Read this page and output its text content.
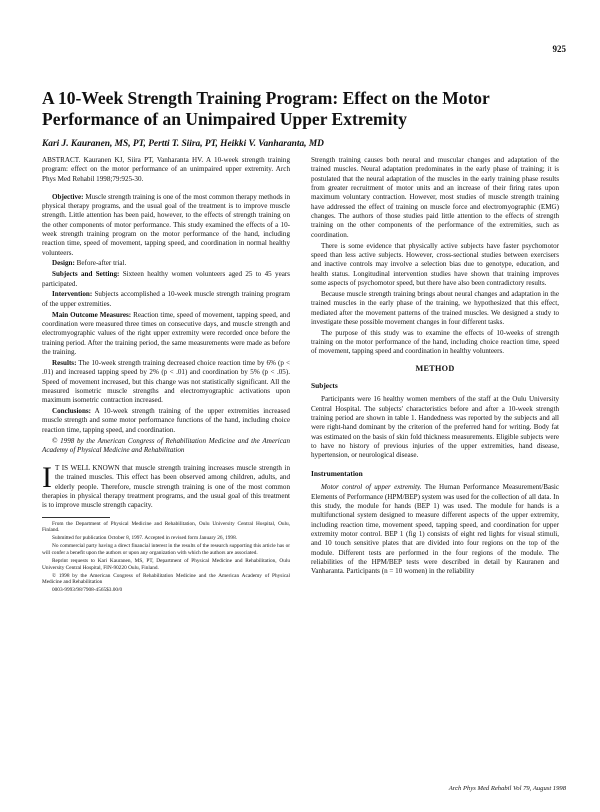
925
A 10-Week Strength Training Program: Effect on the Motor Performance of an Unimpaired Upper Extremity
Kari J. Kauranen, MS, PT, Pertti T. Siira, PT, Heikki V. Vanharanta, MD

ABSTRACT. Kauranen KJ, Siira PT, Vanharanta HV. A 10-week strength training program: effect on the motor performance of an unimpaired upper extremity. Arch Phys Med Rehabil 1998;79:925-30.

Objective: Muscle strength training is one of the most common therapy methods in physical therapy programs, and the usual goal of the treatment is to improve muscle strength. Little attention has been paid, however, to the effects of strength training on the other components of motor performance. This study examined the effects of a 10-week strength training program on the motor performance of the hand, including reaction time, speed of movement, tapping speed, and coordination in normal healthy volunteers.

Design: Before-after trial.

Subjects and Setting: Sixteen healthy women volunteers aged 25 to 45 years participated.

Intervention: Subjects accomplished a 10-week muscle strength training program of the upper extremities.

Main Outcome Measures: Reaction time, speed of movement, tapping speed, and coordination were measured three times on consecutive days, and muscle strength and electromyographic values of the right upper extremity were recorded once before the training period. After the training period, the same measurements were made as before the training.

Results: The 10-week strength training decreased choice reaction time by 6% (p < .01) and increased tapping speed by 2% (p < .01) and coordination by 5% (p < .05). Speed of movement increased, but this change was not statistically significant. All the measured isometric muscle strengths and electromyographic activations upon maximum isometric contraction increased.

Conclusions: A 10-week strength training of the upper extremities increased muscle strength and some motor performance functions of the hand, including choice reaction time, tapping speed, and coordination.

© 1998 by the American Congress of Rehabilitation Medicine and the American Academy of Physical Medicine and Rehabilitation

I T IS WELL KNOWN that muscle strength training increases muscle strength in the trained muscles. This effect has been observed among children, adults, and elderly people. Therefore, muscle strength training is one of the most common therapies in physical therapy treatment programs, and the usual goal of this treatment is to improve muscle strength capacity.

From the Department of Physical Medicine and Rehabilitation, Oulu University Central Hospital, Oulu, Finland.

Submitted for publication October 8, 1997. Accepted in revised form January 26, 1998.

No commercial party having a direct financial interest in the results of the research supporting this article has or will confer a benefit upon the authors or upon any organization with which the authors are associated.

Reprint requests to Kari Kauranen, MS, PT, Department of Physical Medicine and Rehabilitation, Oulu University Central Hospital, FIN-90220 Oulu, Finland.

© 1998 by the American Congress of Rehabilitation Medicine and the American Academy of Physical Medicine and Rehabilitation

0003-9993/98/7908-4565$3.00/0

Strength training causes both neural and muscular changes and adaptation of the trained muscles. Neural adaptation predominates in the early phase of training; it is postulated that the neural adaptation of the muscles in the early training phase results from greater recruitment of motor units and an increase of their firing rates upon maximum voluntary contraction. However, most studies of muscle strength training have addressed the effect of training on muscle force and electromyographic (EMG) changes. The authors of those studies paid little attention to the effects of strength training on the other components of the performance of the extremities, such as coordination.

There is some evidence that physically active subjects have faster psychomotor speed than less active subjects. However, cross-sectional studies between exercisers and inactive controls may involve a selection bias due to genotype, education, and health status. Longitudinal intervention studies have shown that training improves some aspects of psychomotor speed, but there have also been contradictory results.

Because muscle strength training brings about neural changes and adaptation in the trained muscles in the early phase of the training, we hypothesized that this effect, mediated after the movement patterns of the trained muscles. We designed a study to investigate these possible movement changes in four different tasks.

The purpose of this study was to examine the effects of 10-weeks of strength training on the motor performance of the hand, including choice reaction time, speed of movement, tapping speed and coordination in healthy volunteers.

METHOD
Subjects

Participants were 16 healthy women members of the staff at the Oulu University Central Hospital. The subjects' characteristics before and after a 10-week strength training period are shown in table 1. Handedness was reported by the subjects and all were right-hand dominant by the criterion of the preferred hand for writing. Body fat was estimated on the basis of skin fold thickness measurements. Eligible subjects were to have no history of previous injuries of the upper extremities, hand disease, hypertension, or neurological disease.

Instrumentation

Motor control of upper extremity. The Human Performance Measurement/Basic Elements of Performance (HPM/BEP) system was used for the collection of all data. In this study, the module for hands (BEP 1) was used. The module for hands is a multifunctional system designed to measure different aspects of the upper extremity, including reaction time, movement speed, tapping speed, and coordination for upper extremity motor control. BEP 1 (fig 1) consists of eight red lights for visual stimuli, and 10 touch sensitive plates that are divided into four regions on the top of the module. Different tests are performed in the four regions of the module. The reliabilities of the HPM/BEP tests were described in detail by Kauranen and Vanharanta. Participants (n = 10 women) in the reliability

Arch Phys Med Rehabil Vol 79, August 1998
